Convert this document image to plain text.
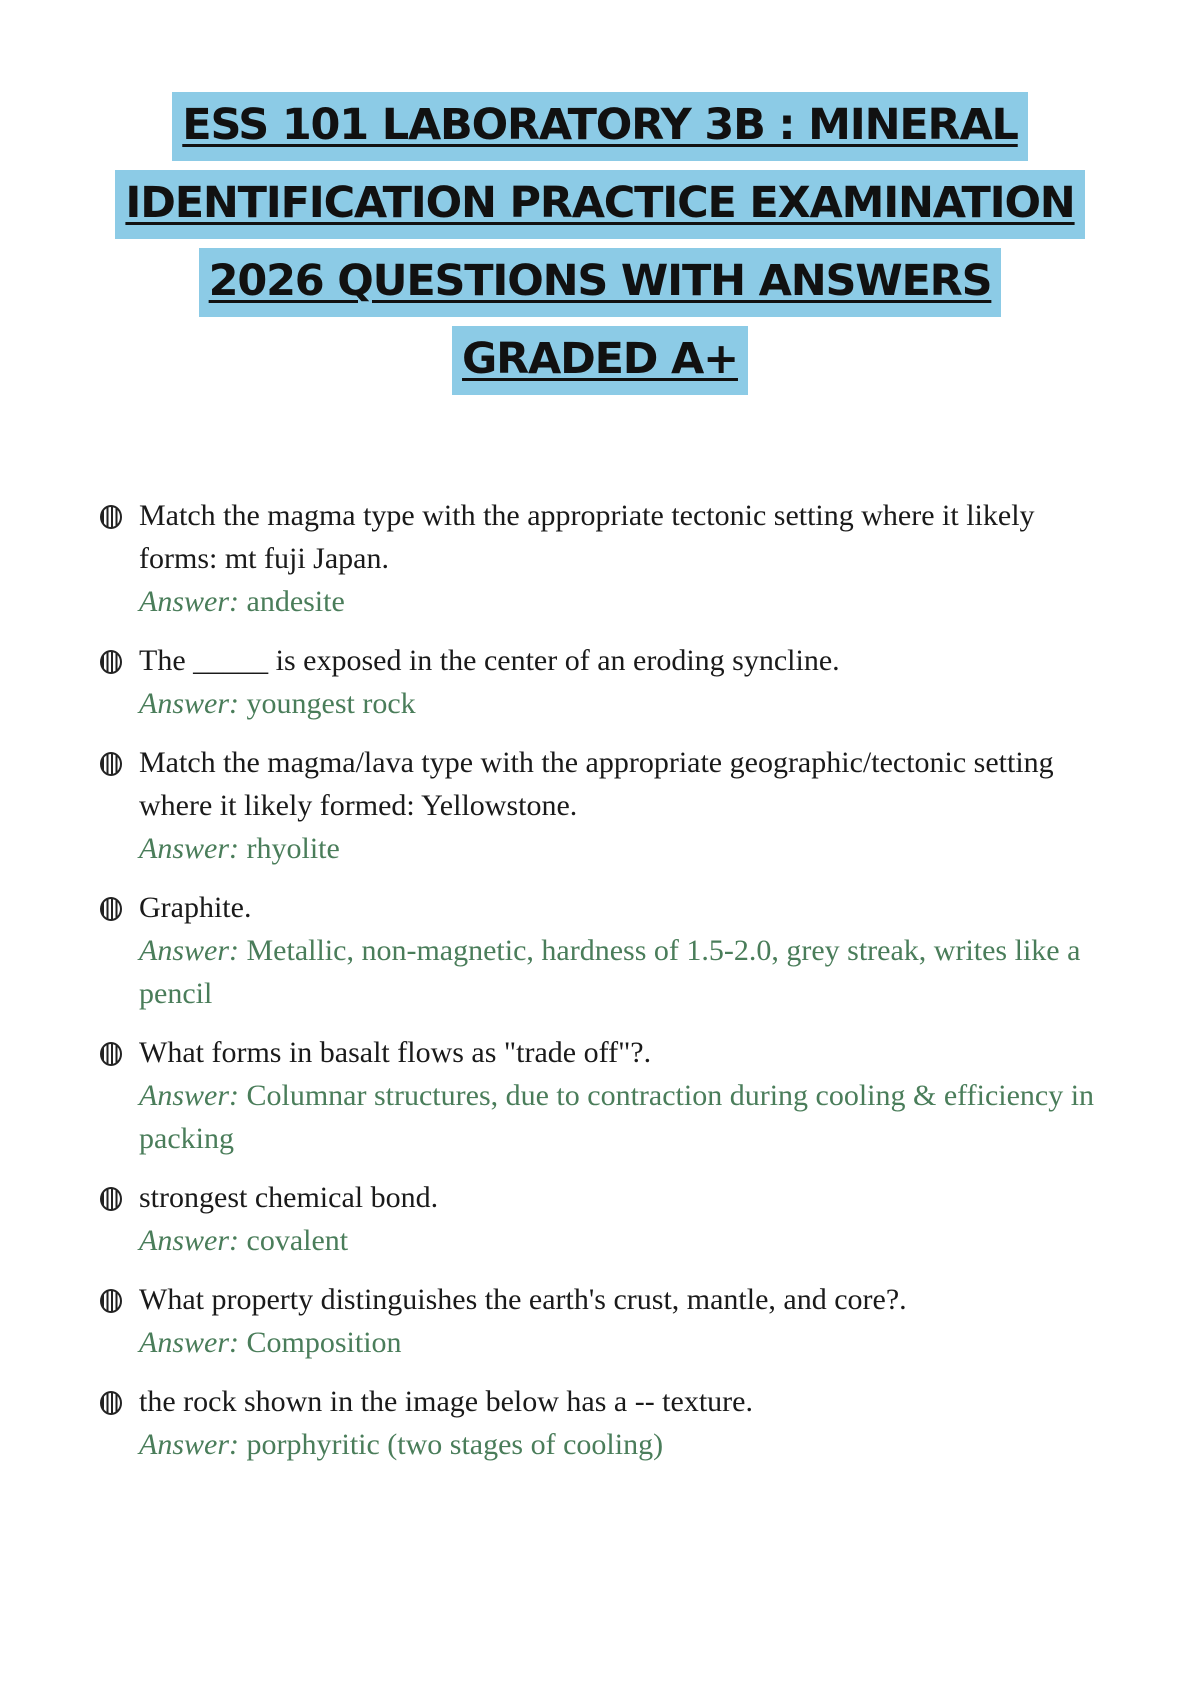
ESS 101 LABORATORY 3B : MINERAL
IDENTIFICATION PRACTICE EXAMINATION
2026 QUESTIONS WITH ANSWERS
GRADED A+

Match the magma type with the appropriate tectonic setting where it likely forms: mt fuji Japan.

Answer: andesite

The _____ is exposed in the center of an eroding syncline.

Answer: youngest rock

Match the magma/lava type with the appropriate geographic/tectonic setting where it likely formed: Yellowstone.

Answer: rhyolite

Graphite.

Answer: Metallic, non-magnetic, hardness of 1.5-2.0, grey streak, writes like a pencil

What forms in basalt flows as "trade off"?.

Answer: Columnar structures, due to contraction during cooling & efficiency in packing

strongest chemical bond.

Answer: covalent

What property distinguishes the earth's crust, mantle, and core?.

Answer: Composition

the rock shown in the image below has a -- texture.

Answer: porphyritic (two stages of cooling)
